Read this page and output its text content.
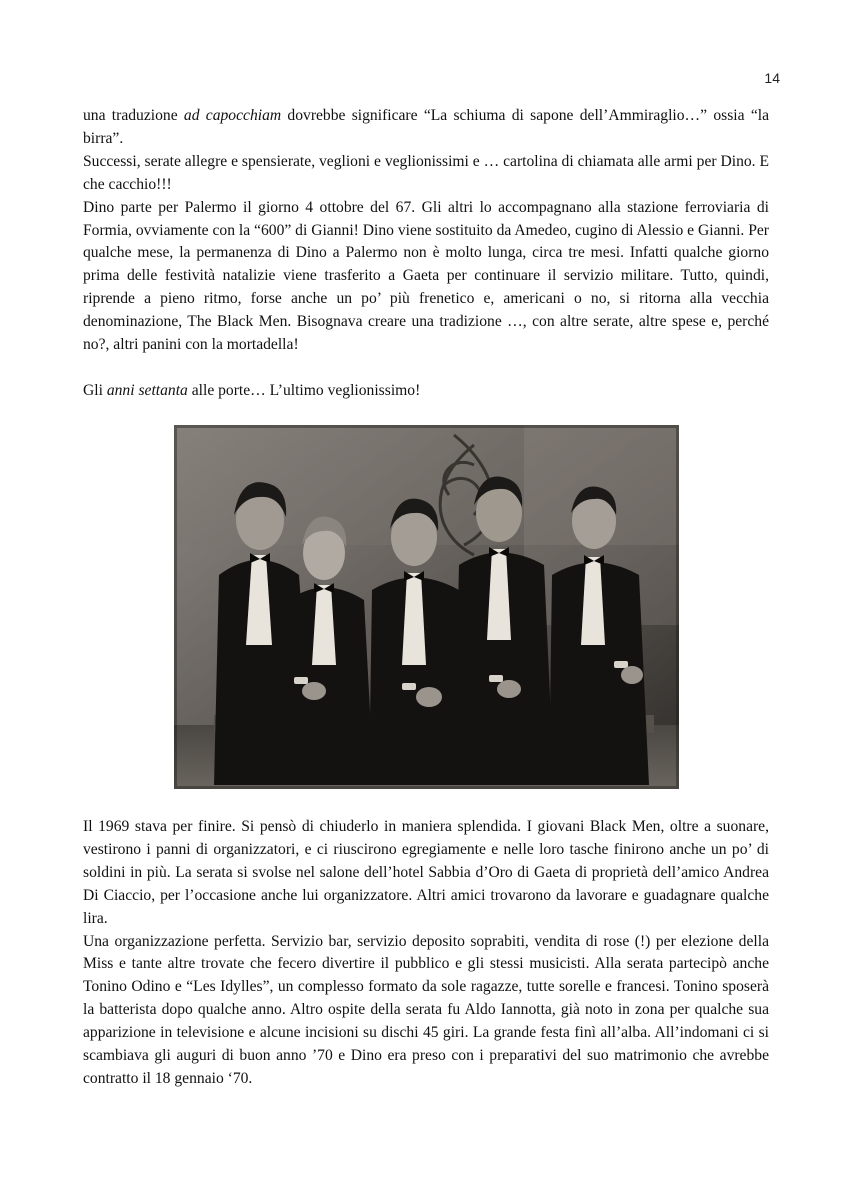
14

una traduzione ad capocchiam dovrebbe significare “La schiuma di sapone dell’Ammiraglio…” ossia “la birra”.

Successi, serate allegre e spensierate, veglioni e veglionissimi e … cartolina di chiamata alle armi per Dino. E che cacchio!!!

Dino parte per Palermo il giorno 4 ottobre del 67. Gli altri lo accompagnano alla stazione ferroviaria di Formia, ovviamente con la “600” di Gianni! Dino viene sostituito da Amedeo, cugino di Alessio e Gianni. Per qualche mese, la permanenza di Dino a Palermo non è molto lunga, circa tre mesi. Infatti qualche giorno prima delle festività natalizie viene trasferito a Gaeta per continuare il servizio militare. Tutto, quindi, riprende a pieno ritmo, forse anche un po’ più frenetico e, americani o no, si ritorna alla vecchia denominazione, The Black Men. Bisognava creare una tradizione …, con altre serate, altre spese e, perché no?, altri panini con la mortadella!

Gli anni settanta alle porte… L’ultimo veglionissimo!

Il 1969 stava per finire. Si pensò di chiuderlo in maniera splendida. I giovani Black Men, oltre a suonare, vestirono i panni di organizzatori, e ci riuscirono egregiamente e nelle loro tasche finirono anche un po’ di soldini in più. La serata si svolse nel salone dell’hotel Sabbia d’Oro di Gaeta di proprietà dell’amico Andrea Di Ciaccio, per l’occasione anche lui organizzatore. Altri amici trovarono da lavorare e guadagnare qualche lira.

Una organizzazione perfetta. Servizio bar, servizio deposito soprabiti, vendita di rose (!) per elezione della Miss e tante altre trovate che fecero divertire il pubblico e gli stessi musicisti. Alla serata partecipò anche Tonino Odino e “Les Idylles”, un complesso formato da sole ragazze, tutte sorelle e francesi. Tonino sposerà la batterista dopo qualche anno. Altro ospite della serata fu Aldo Iannotta, già noto in zona per qualche sua apparizione in televisione e alcune incisioni su dischi 45 giri. La grande festa finì all’alba. All’indomani ci si scambiava gli auguri di buon anno ’70 e Dino era preso con i preparativi del suo matrimonio che avrebbe contratto il 18 gennaio ‘70.
